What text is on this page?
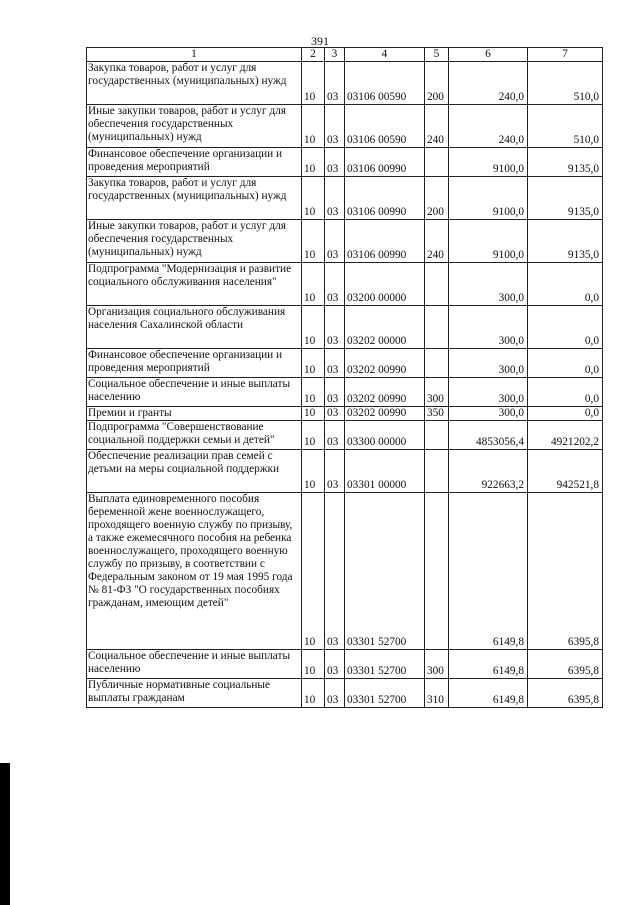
391
1	2	3	4	5	6	7
Закупка товаров, работ и услуг для государственных (муниципальных) нужд	10	03	03106 00590	200	240,0	510,0
Иные закупки товаров, работ и услуг для обеспечения государственных (муниципальных) нужд	10	03	03106 00590	240	240,0	510,0
Финансовое обеспечение организации и проведения мероприятий	10	03	03106 00990		9100,0	9135,0
Закупка товаров, работ и услуг для государственных (муниципальных) нужд	10	03	03106 00990	200	9100,0	9135,0
Иные закупки товаров, работ и услуг для обеспечения государственных (муниципальных) нужд	10	03	03106 00990	240	9100,0	9135,0
Подпрограмма "Модернизация и развитие социального обслуживания населения"	10	03	03200 00000		300,0	0,0
Организация социального обслуживания населения Сахалинской области	10	03	03202 00000		300,0	0,0
Финансовое обеспечение организации и проведения мероприятий	10	03	03202 00990		300,0	0,0
Социальное обеспечение и иные выплаты населению	10	03	03202 00990	300	300,0	0,0
Премии и гранты	10	03	03202 00990	350	300,0	0,0
Подпрограмма "Совершенствование социальной поддержки семьи и детей"	10	03	03300 00000		4853056,4	4921202,2
Обеспечение реализации прав семей с детьми на меры социальной поддержки	10	03	03301 00000		922663,2	942521,8
Выплата единовременного пособия беременной жене военнослужащего, проходящего военную службу по призыву, а также ежемесячного пособия на ребенка военнослужащего, проходящего военную службу по призыву, в соответствии с Федеральным законом от 19 мая 1995 года № 81-ФЗ "О государственных пособиях гражданам, имеющим детей"	10	03	03301 52700		6149,8	6395,8
Социальное обеспечение и иные выплаты населению	10	03	03301 52700	300	6149,8	6395,8
Публичные нормативные социальные выплаты гражданам	10	03	03301 52700	310	6149,8	6395,8
